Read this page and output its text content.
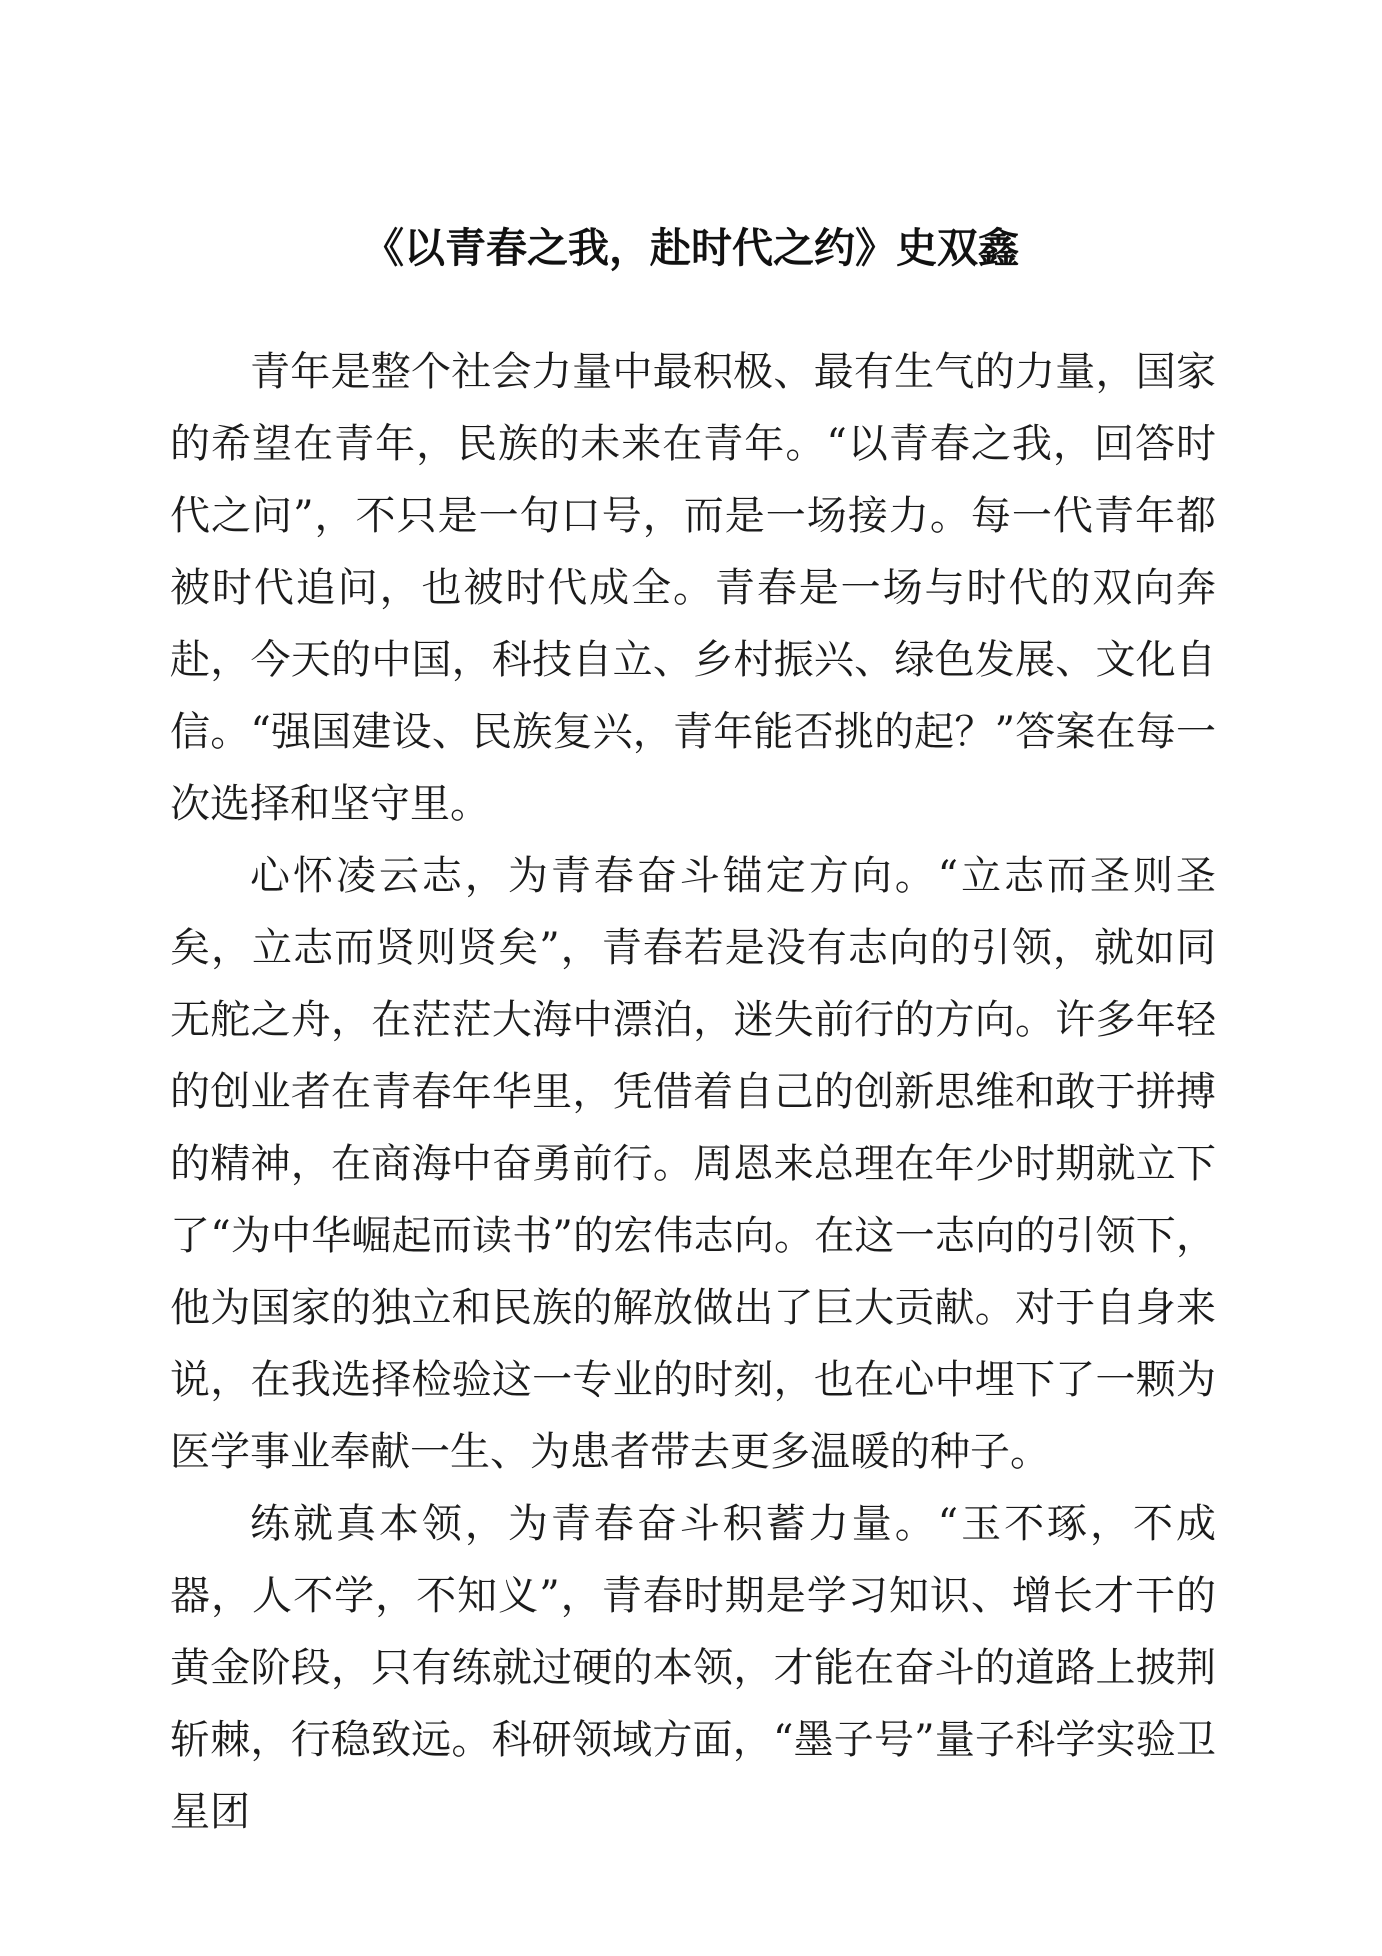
《以青春之我，赴时代之约》史双鑫

青年是整个社会力量中最积极、最有生气的力量，国家的希望在青年，民族的未来在青年。“以青春之我，回答时代之问”，不只是一句口号，而是一场接力。每一代青年都被时代追问，也被时代成全。青春是一场与时代的双向奔赴，今天的中国，科技自立、乡村振兴、绿色发展、文化自信。“强国建设、民族复兴，青年能否挑的起？”答案在每一次选择和坚守里。

心怀凌云志，为青春奋斗锚定方向。“立志而圣则圣矣，立志而贤则贤矣”，青春若是没有志向的引领，就如同无舵之舟，在茫茫大海中漂泊，迷失前行的方向。许多年轻的创业者在青春年华里，凭借着自己的创新思维和敢于拼搏的精神，在商海中奋勇前行。周恩来总理在年少时期就立下了“为中华崛起而读书”的宏伟志向。在这一志向的引领下，他为国家的独立和民族的解放做出了巨大贡献。对于自身来说，在我选择检验这一专业的时刻，也在心中埋下了一颗为医学事业奉献一生、为患者带去更多温暖的种子。

练就真本领，为青春奋斗积蓄力量。“玉不琢，不成器，人不学，不知义”，青春时期是学习知识、增长才干的黄金阶段，只有练就过硬的本领，才能在奋斗的道路上披荆斩棘，行稳致远。科研领域方面，“墨子号”量子科学实验卫星团
